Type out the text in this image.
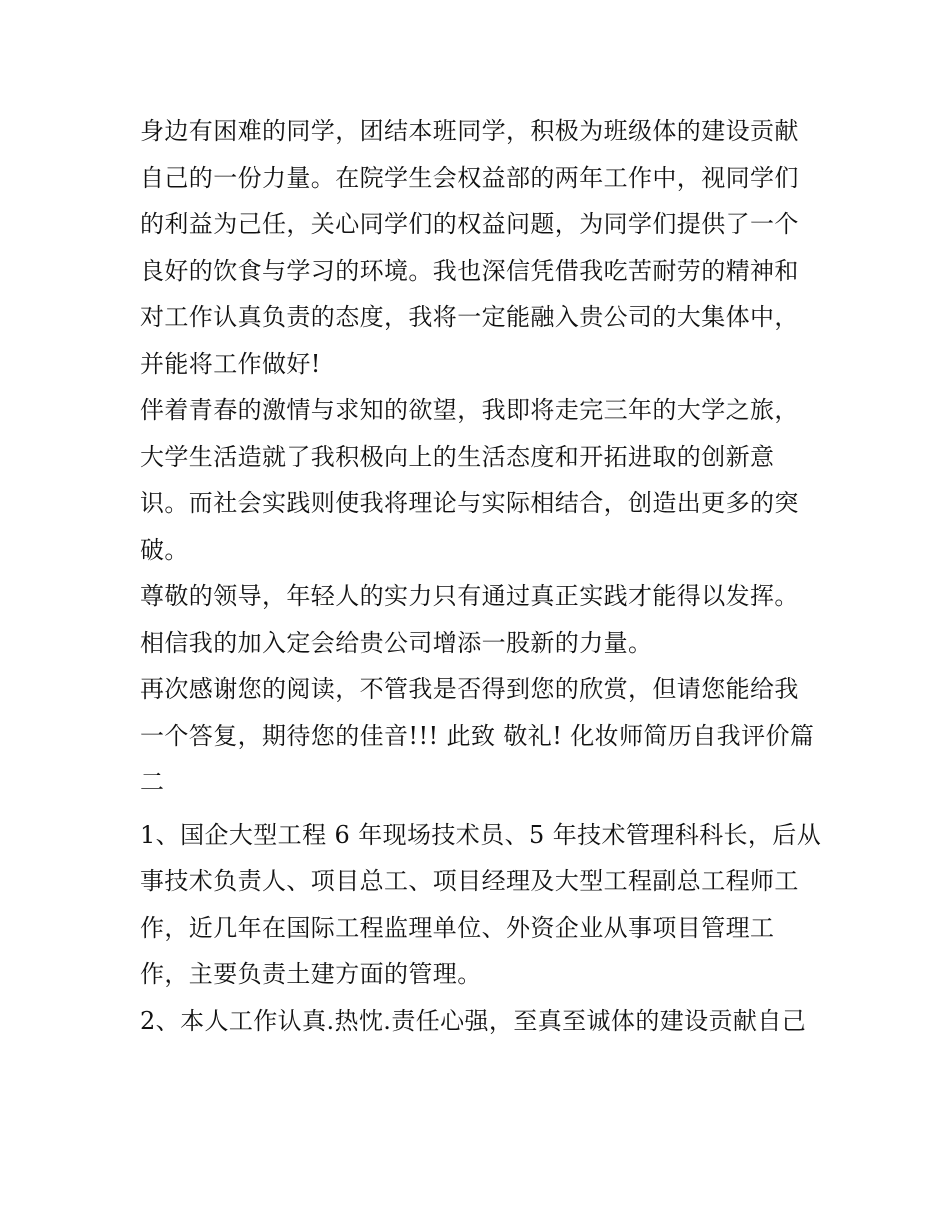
身边有困难的同学，团结本班同学，积极为班级体的建设贡献
自己的一份力量。在院学生会权益部的两年工作中，视同学们
的利益为己任，关心同学们的权益问题，为同学们提供了一个
良好的饮食与学习的环境。我也深信凭借我吃苦耐劳的精神和
对工作认真负责的态度，我将一定能融入贵公司的大集体中，
并能将工作做好!
伴着青春的激情与求知的欲望，我即将走完三年的大学之旅，
大学生活造就了我积极向上的生活态度和开拓进取的创新意
识。而社会实践则使我将理论与实际相结合，创造出更多的突
破。
尊敬的领导，年轻人的实力只有通过真正实践才能得以发挥。
相信我的加入定会给贵公司增添一股新的力量。
再次感谢您的阅读，不管我是否得到您的欣赏，但请您能给我
一个答复，期待您的佳音!!! 此致 敬礼! 化妆师简历自我评价篇
二
1、国企大型工程 6 年现场技术员、5 年技术管理科科长，后从
事技术负责人、项目总工、项目经理及大型工程副总工程师工
作，近几年在国际工程监理单位、外资企业从事项目管理工
作，主要负责土建方面的管理。
2、本人工作认真.热忱.责任心强，至真至诚体的建设贡献自己
